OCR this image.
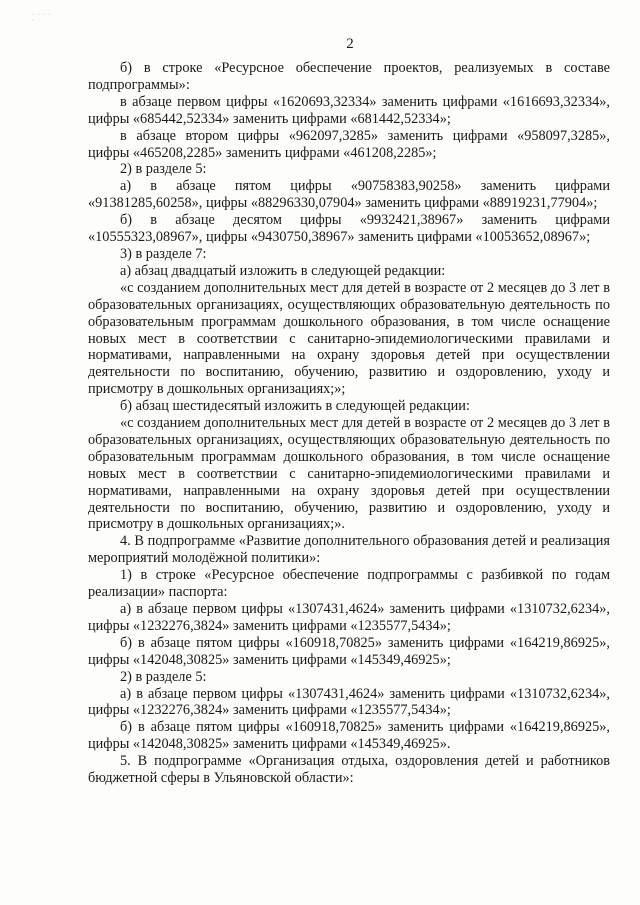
· · · · ·
2

б) в строке «Ресурсное обеспечение проектов, реализуемых в составе подпрограммы»:

в абзаце первом цифры «1620693,32334» заменить цифрами «1616693,32334», цифры «685442,52334» заменить цифрами «681442,52334»;

в абзаце втором цифры «962097,3285» заменить цифрами «958097,3285», цифры «465208,2285» заменить цифрами «461208,2285»;

2) в разделе 5:

а) в абзаце пятом цифры «90758383,90258» заменить цифрами «91381285,60258», цифры «88296330,07904» заменить цифрами «88919231,77904»;

б) в абзаце десятом цифры «9932421,38967» заменить цифрами «10555323,08967», цифры «9430750,38967» заменить цифрами «10053652,08967»;

3) в разделе 7:

а) абзац двадцатый изложить в следующей редакции:

«с созданием дополнительных мест для детей в возрасте от 2 месяцев до 3 лет в образовательных организациях, осуществляющих образовательную деятельность по образовательным программам дошкольного образования, в том числе оснащение новых мест в соответствии с санитарно-эпидемиологическими правилами и нормативами, направленными на охрану здоровья детей при осуществлении деятельности по воспитанию, обучению, развитию и оздоровлению, уходу и присмотру в дошкольных организациях;»;

б) абзац шестидесятый изложить в следующей редакции:

«с созданием дополнительных мест для детей в возрасте от 2 месяцев до 3 лет в образовательных организациях, осуществляющих образовательную деятельность по образовательным программам дошкольного образования, в том числе оснащение новых мест в соответствии с санитарно-эпидемиологическими правилами и нормативами, направленными на охрану здоровья детей при осуществлении деятельности по воспитанию, обучению, развитию и оздоровлению, уходу и присмотру в дошкольных организациях;».

4. В подпрограмме «Развитие дополнительного образования детей и реализация мероприятий молодёжной политики»:

1) в строке «Ресурсное обеспечение подпрограммы с разбивкой по годам реализации» паспорта:

а) в абзаце первом цифры «1307431,4624» заменить цифрами «1310732,6234», цифры «1232276,3824» заменить цифрами «1235577,5434»;

б) в абзаце пятом цифры «160918,70825» заменить цифрами «164219,86925», цифры «142048,30825» заменить цифрами «145349,46925»;

2) в разделе 5:

а) в абзаце первом цифры «1307431,4624» заменить цифрами «1310732,6234», цифры «1232276,3824» заменить цифрами «1235577,5434»;

б) в абзаце пятом цифры «160918,70825» заменить цифрами «164219,86925», цифры «142048,30825» заменить цифрами «145349,46925».

5. В подпрограмме «Организация отдыха, оздоровления детей и работников бюджетной сферы в Ульяновской области»:
